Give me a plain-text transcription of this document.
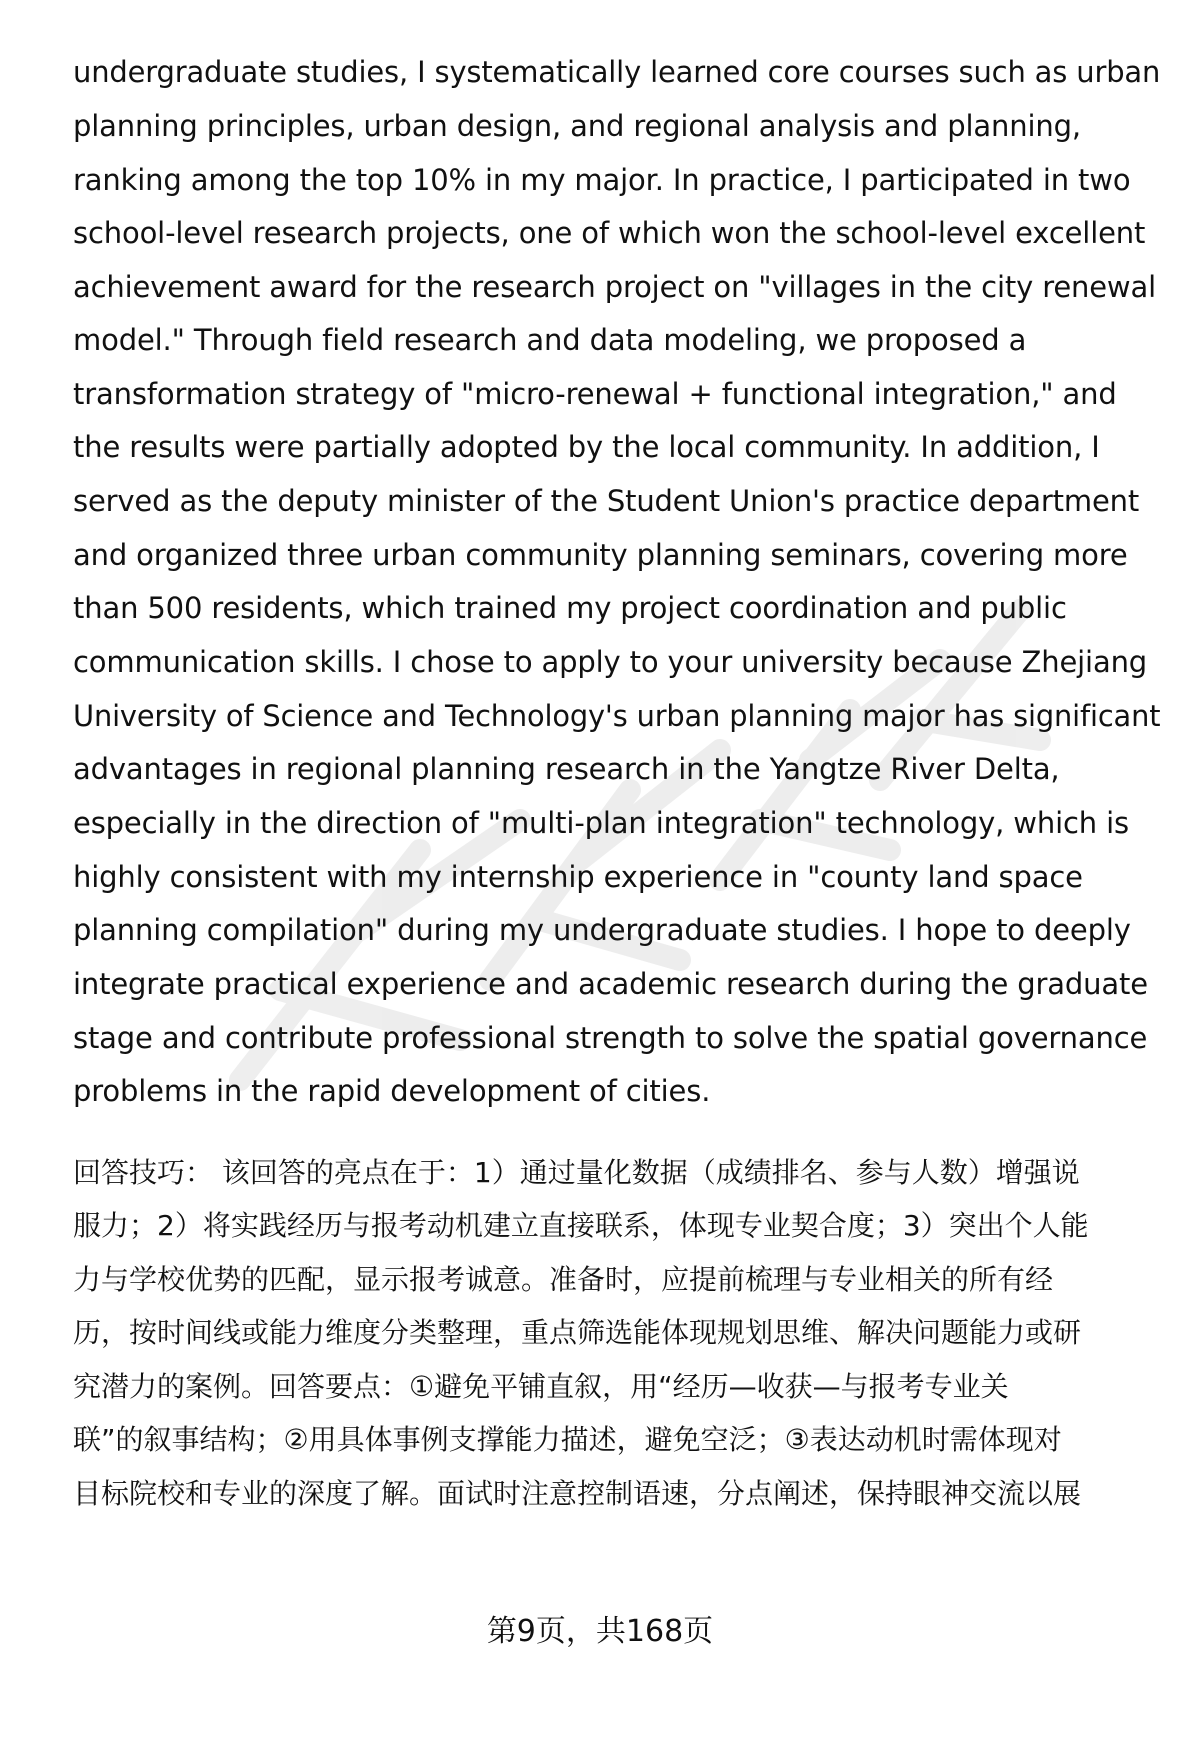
undergraduate studies, I systematically learned core courses such as urban
planning principles, urban design, and regional analysis and planning,
ranking among the top 10% in my major. In practice, I participated in two
school-level research projects, one of which won the school-level excellent
achievement award for the research project on "villages in the city renewal
model." Through field research and data modeling, we proposed a
transformation strategy of "micro-renewal + functional integration," and
the results were partially adopted by the local community. In addition, I
served as the deputy minister of the Student Union's practice department
and organized three urban community planning seminars, covering more
than 500 residents, which trained my project coordination and public
communication skills. I chose to apply to your university because Zhejiang
University of Science and Technology's urban planning major has significant
advantages in regional planning research in the Yangtze River Delta,
especially in the direction of "multi-plan integration" technology, which is
highly consistent with my internship experience in "county land space
planning compilation" during my undergraduate studies. I hope to deeply
integrate practical experience and academic research during the graduate
stage and contribute professional strength to solve the spatial governance
problems in the rapid development of cities.
回答技巧： 该回答的亮点在于：1）通过量化数据（成绩排名、参与人数）增强说
服力；2）将实践经历与报考动机建立直接联系，体现专业契合度；3）突出个人能
力与学校优势的匹配，显示报考诚意。准备时，应提前梳理与专业相关的所有经
历，按时间线或能力维度分类整理，重点筛选能体现规划思维、解决问题能力或研
究潜力的案例。回答要点：①避免平铺直叙，用“经历—收获—与报考专业关
联”的叙事结构；②用具体事例支撑能力描述，避免空泛；③表达动机时需体现对
目标院校和专业的深度了解。面试时注意控制语速，分点阐述，保持眼神交流以展
第9页，共168页
